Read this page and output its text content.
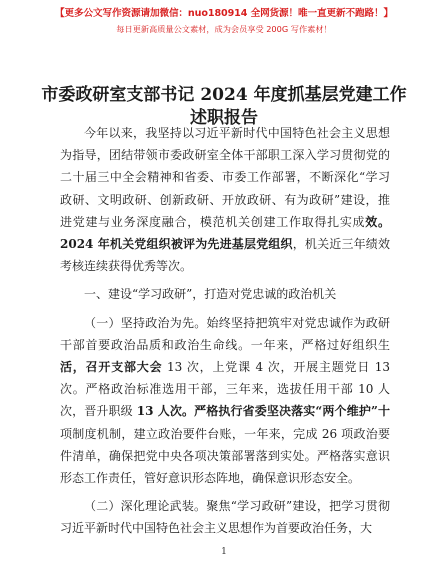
【更多公文写作资源请加微信：nuo180914 全网货源！唯一直更新不跑路！】
每日更新高质量公文素材，成为会员享受 200G 写作素材！
市委政研室支部书记 2024 年度抓基层党建工作
述职报告

今年以来，我坚持以习近平新时代中国特色社会主义思想为指导，团结带领市委政研室全体干部职工深入学习贯彻党的二十届三中全会精神和省委、市委工作部署，不断深化“学习政研、文明政研、创新政研、开放政研、有为政研”建设，推进党建与业务深度融合，模范机关创建工作取得扎实成效。2024 年机关党组织被评为先进基层党组织，机关近三年绩效考核连续获得优秀等次。

一、建设“学习政研”，打造对党忠诚的政治机关

（一）坚持政治为先。始终坚持把筑牢对党忠诚作为政研干部首要政治品质和政治生命线。一年来，严格过好组织生活，召开支部大会 13 次，上党课 4 次，开展主题党日 13 次。严格政治标准选用干部，三年来，选拔任用干部 10 人次，晋升职级 13 人次。严格执行省委坚决落实“两个维护”十项制度机制，建立政治要件台账，一年来，完成 26 项政治要件清单，确保把党中央各项决策部署落到实处。严格落实意识形态工作责任，管好意识形态阵地，确保意识形态安全。

（二）深化理论武装。聚焦“学习政研”建设，把学习贯彻习近平新时代中国特色社会主义思想作为首要政治任务，大

1
